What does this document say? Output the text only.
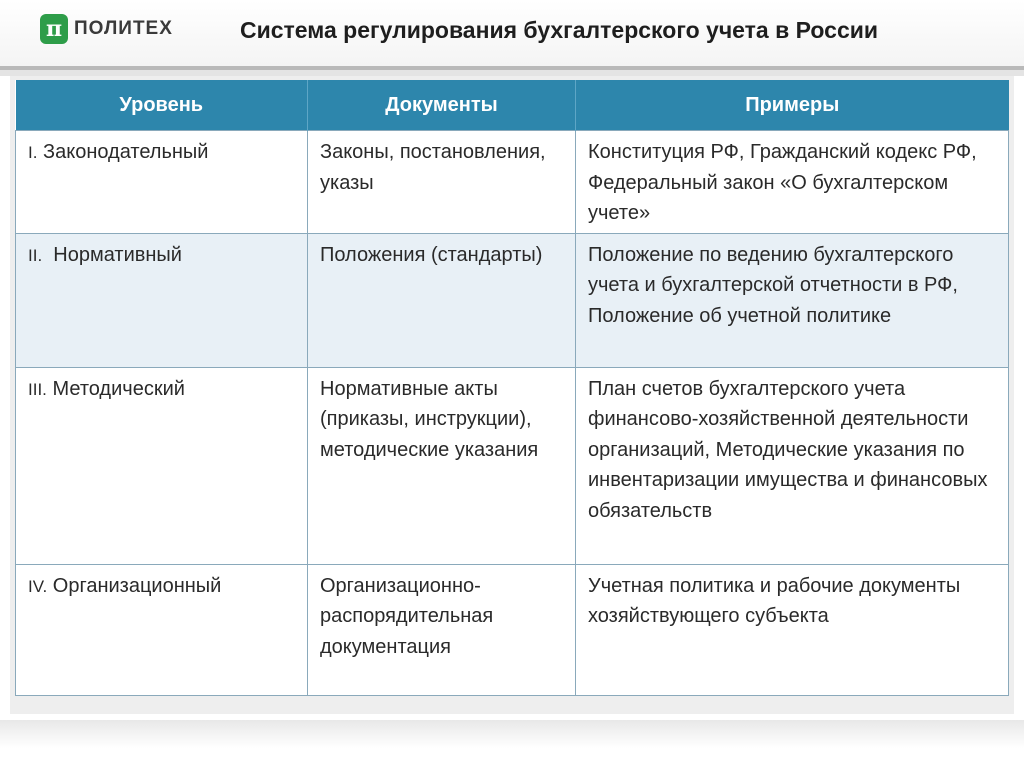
π ПОЛИТЕХ	Система регулирования бухгалтерского учета в России
Уровень	Документы	Примеры
I. Законодательный	Законы, постановления, указы	Конституция РФ, Гражданский кодекс РФ, Федеральный закон «О бухгалтерском учете»
II. Нормативный	Положения (стандарты)	Положение по ведению бухгалтерского учета и бухгалтерской отчетности в РФ, Положение об учетной политике
III. Методический	Нормативные акты (приказы, инструкции), методические указания	План счетов бухгалтерского учета финансово-хозяйственной деятельности организаций, Методические указания по инвентаризации имущества и финансовых обязательств
IV. Организационный	Организационно-распорядительная документация	Учетная политика и рабочие документы хозяйствующего субъекта
